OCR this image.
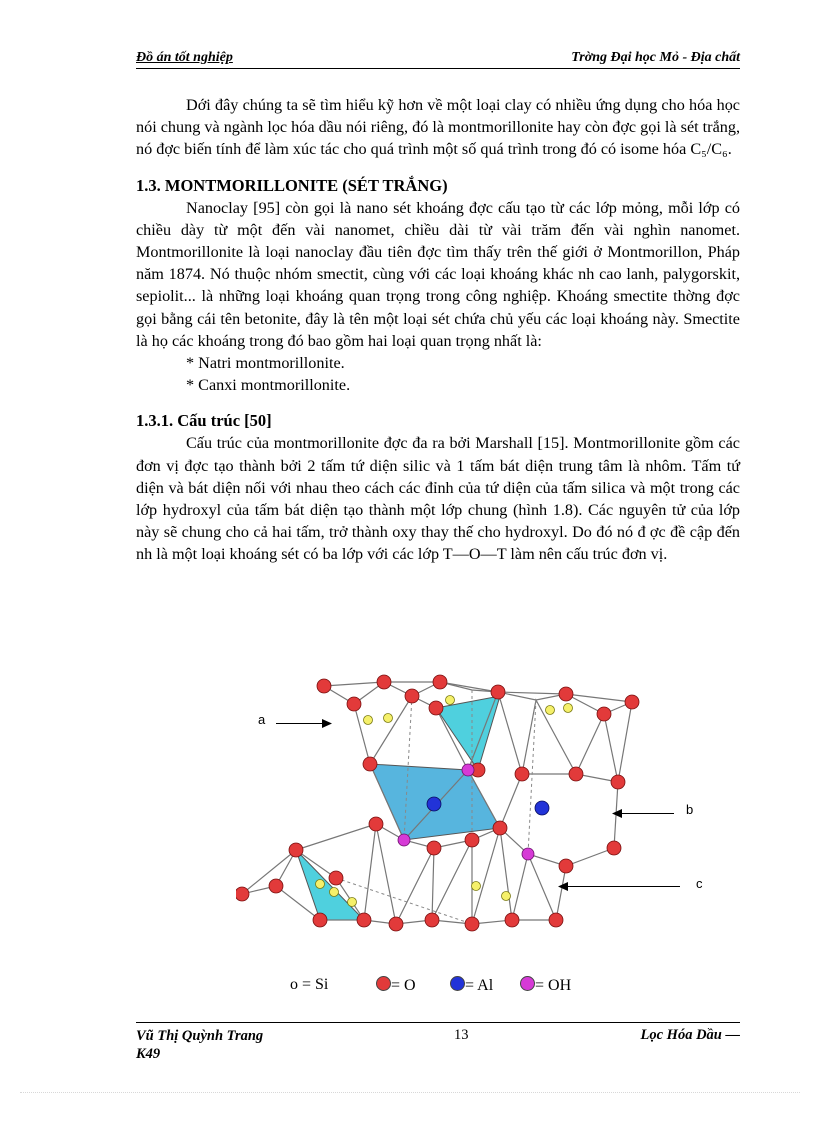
Đồ án tốt nghiệp	Trờng Đại học Mỏ - Địa chất

Dới đây chúng ta sẽ tìm hiểu kỹ hơn về một loại clay có nhiều ứng dụng cho hóa học nói chung và ngành lọc hóa dầu nói riêng, đó là montmorillonite hay còn đợc gọi là sét trắng, nó đợc biến tính để làm xúc tác cho quá trình một số quá trình trong đó có isome hóa C₅/C₆.

1.3. MONTMORILLONITE (SÉT TRẮNG)

Nanoclay [95] còn gọi là nano sét khoáng đợc cấu tạo từ các lớp mỏng, mỗi lớp có chiều dày từ một đến vài nanomet, chiều dài từ vài trăm đến vài nghìn nanomet. Montmorillonite là loại nanoclay đầu tiên đợc tìm thấy trên thế giới ở Montmorillon, Pháp năm 1874. Nó thuộc nhóm smectit, cùng với các loại khoáng khác nh cao lanh, palygorskit, sepiolit... là những loại khoáng quan trọng trong công nghiệp. Khoáng smectite thờng đợc gọi bằng cái tên betonite, đây là tên một loại sét chứa chủ yếu các loại khoáng này. Smectite là họ các khoáng trong đó bao gồm hai loại quan trọng nhất là:

* Natri montmorillonite.

* Canxi montmorillonite.

1.3.1. Cấu trúc [50]

Cấu trúc của montmorillonite đợc đa ra bởi Marshall [15]. Montmorillonite gồm các đơn vị đợc tạo thành bởi 2 tấm tứ diện silic và 1 tấm bát diện trung tâm là nhôm. Tấm tứ diện và bát diện nối với nhau theo cách các đỉnh của tứ diện của tấm silica và một trong các lớp hydroxyl của tấm bát diện tạo thành một lớp chung (hình 1.8). Các nguyên tử của lớp này sẽ chung cho cả hai tấm, trở thành oxy thay thế cho hydroxyl. Do đó nó đ ợc đề cập đến nh là một loại khoáng sét có ba lớp với các lớp T—O—T làm nên cấu trúc đơn vị.

a
b
c
o = Si	= O	= Al	= OH
Vũ Thị Quỳnh Trang
K49
13	Lọc Hóa Dầu —
